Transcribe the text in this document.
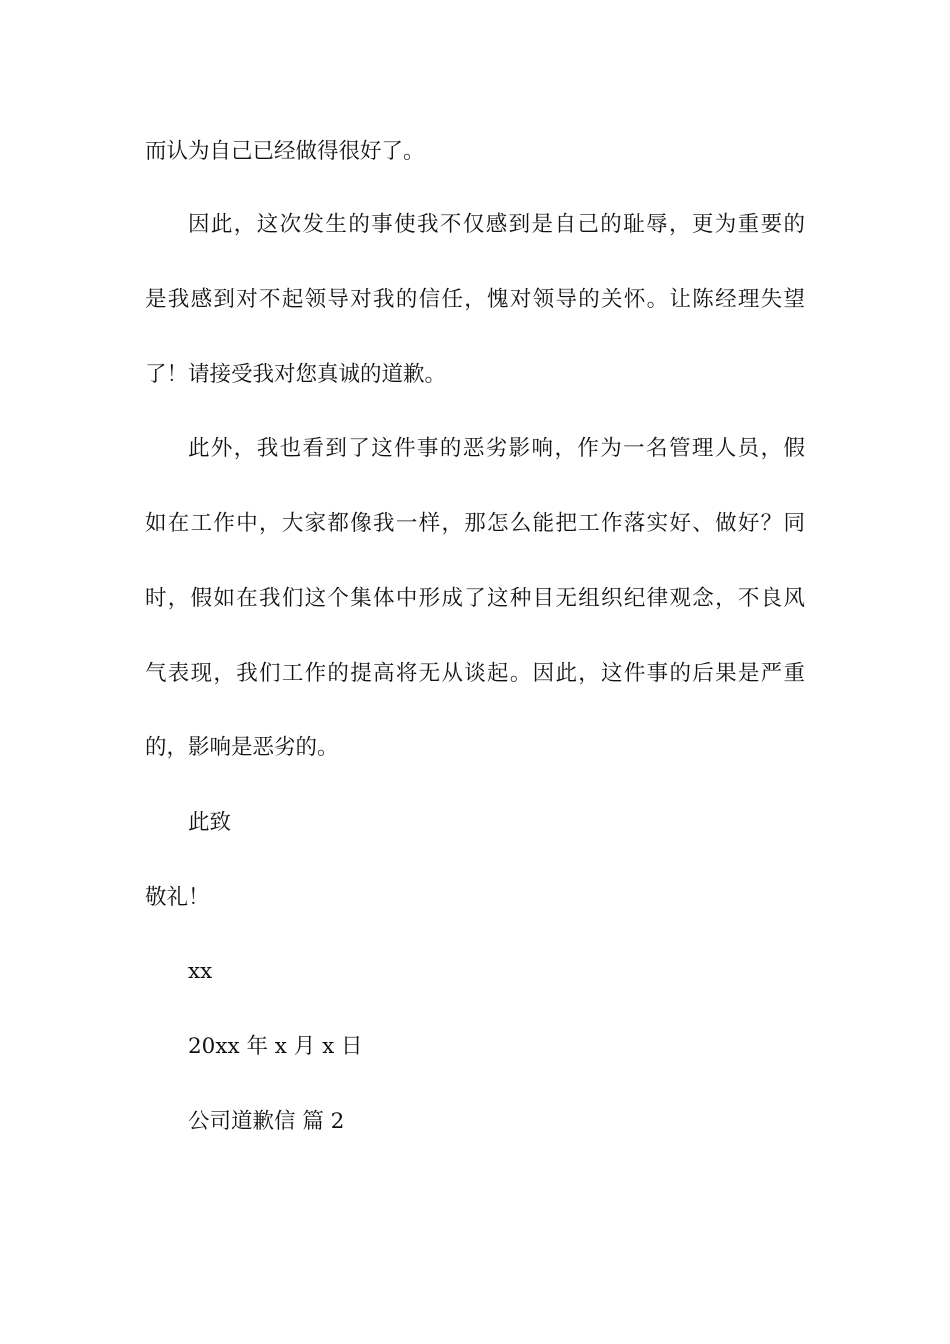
而认为自己已经做得很好了。
因此，这次发生的事使我不仅感到是自己的耻辱，更为重要的
是我感到对不起领导对我的信任，愧对领导的关怀。让陈经理失望
了！请接受我对您真诚的道歉。
此外，我也看到了这件事的恶劣影响，作为一名管理人员，假
如在工作中，大家都像我一样，那怎么能把工作落实好、做好？同
时，假如在我们这个集体中形成了这种目无组织纪律观念，不良风
气表现，我们工作的提高将无从谈起。因此，这件事的后果是严重
的，影响是恶劣的。
此致
敬礼！
xx
20xx 年 x 月 x 日
公司道歉信 篇 2
